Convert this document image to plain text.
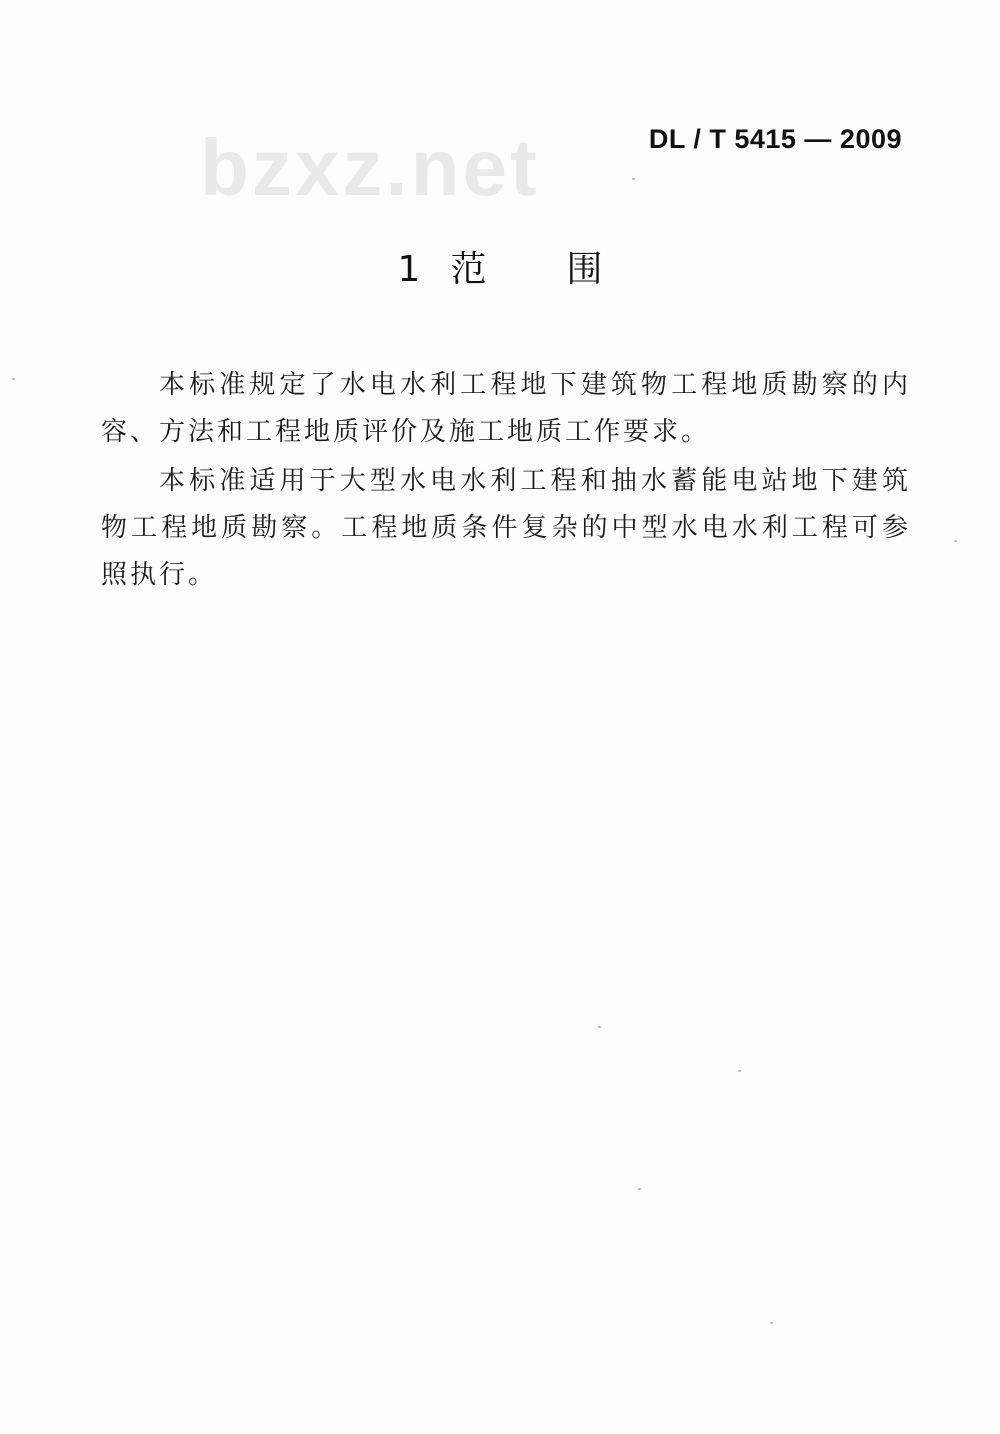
bzxz.net	DL / T 5415 — 2009
1 范围

本标准规定了水电水利工程地下建筑物工程地质勘察的内容、方法和工程地质评价及施工地质工作要求。

本标准适用于大型水电水利工程和抽水蓄能电站地下建筑物工程地质勘察。工程地质条件复杂的中型水电水利工程可参照执行。
